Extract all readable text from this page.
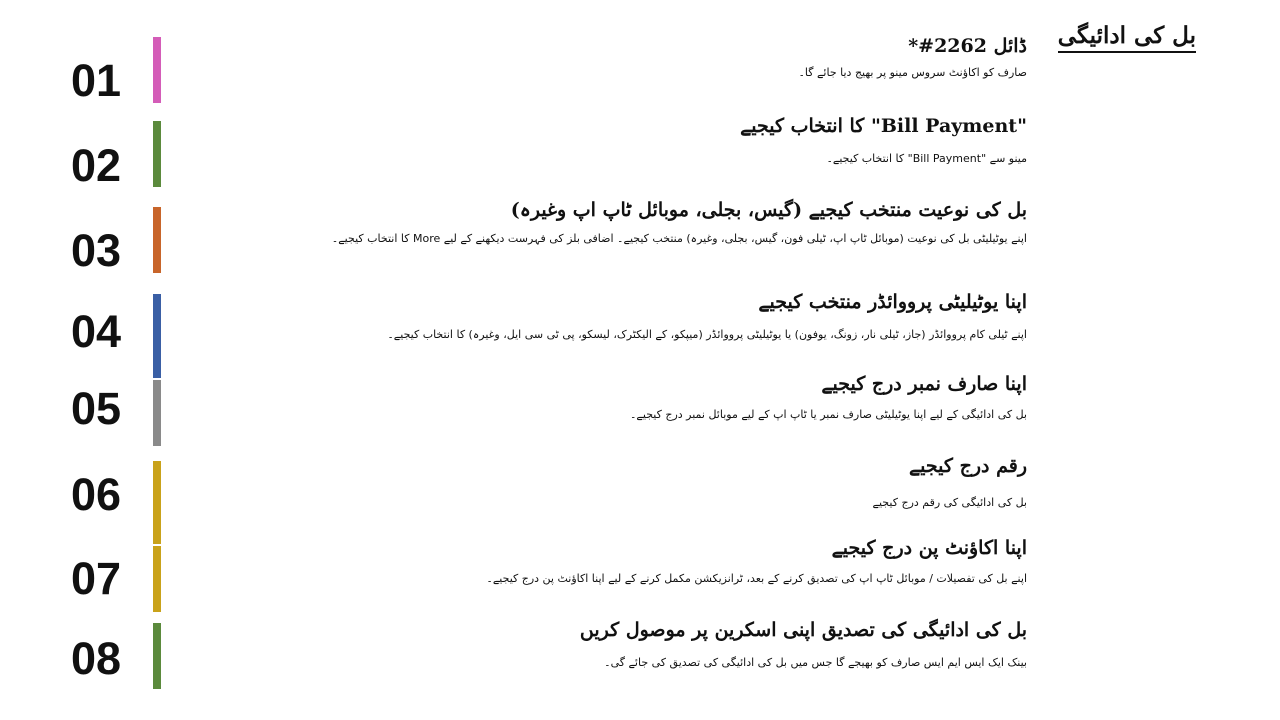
بل کی ادائیگی
01
02
03
04
05
06
07
08
ڈائل 2262#*
صارف کو اکاؤنٹ سروس مینو پر بھیج دیا جائے گا۔
"Bill Payment" کا انتخاب کیجیے
مینو سے "Bill Payment" کا انتخاب کیجیے۔
بل کی نوعیت منتخب کیجیے (گیس، بجلی، موبائل ٹاپ اپ وغیرہ)
اپنے یوٹیلیٹی بل کی نوعیت (موبائل ٹاپ اپ، ٹیلی فون، گیس، بجلی، وغیرہ) منتخب کیجیے۔ اضافی بلز کی فہرست دیکھنے کے لیے More کا انتخاب کیجیے۔
اپنا یوٹیلیٹی پرووائڈر منتخب کیجیے
اپنے ٹیلی کام پرووائڈر (جاز، ٹیلی نار، زونگ، یوفون) یا یوٹیلیٹی پرووائڈر (میپکو، کے الیکٹرک، لیسکو، پی ٹی سی ایل، وغیرہ) کا انتخاب کیجیے۔
اپنا صارف نمبر درج کیجیے
بل کی ادائیگی کے لیے اپنا یوٹیلیٹی صارف نمبر یا ٹاپ اپ کے لیے موبائل نمبر درج کیجیے۔
رقم درج کیجیے
بل کی ادائیگی کی رقم درج کیجیے
اپنا اکاؤنٹ پن درج کیجیے
اپنے بل کی تفصیلات / موبائل ٹاپ اپ کی تصدیق کرنے کے بعد، ٹرانزیکشن مکمل کرنے کے لیے اپنا اکاؤنٹ پن درج کیجیے۔
بل کی ادائیگی کی تصدیق اپنی اسکرین پر موصول کریں
بینک ایک ایس ایم ایس صارف کو بھیجے گا جس میں بل کی ادائیگی کی تصدیق کی جائے گی۔
